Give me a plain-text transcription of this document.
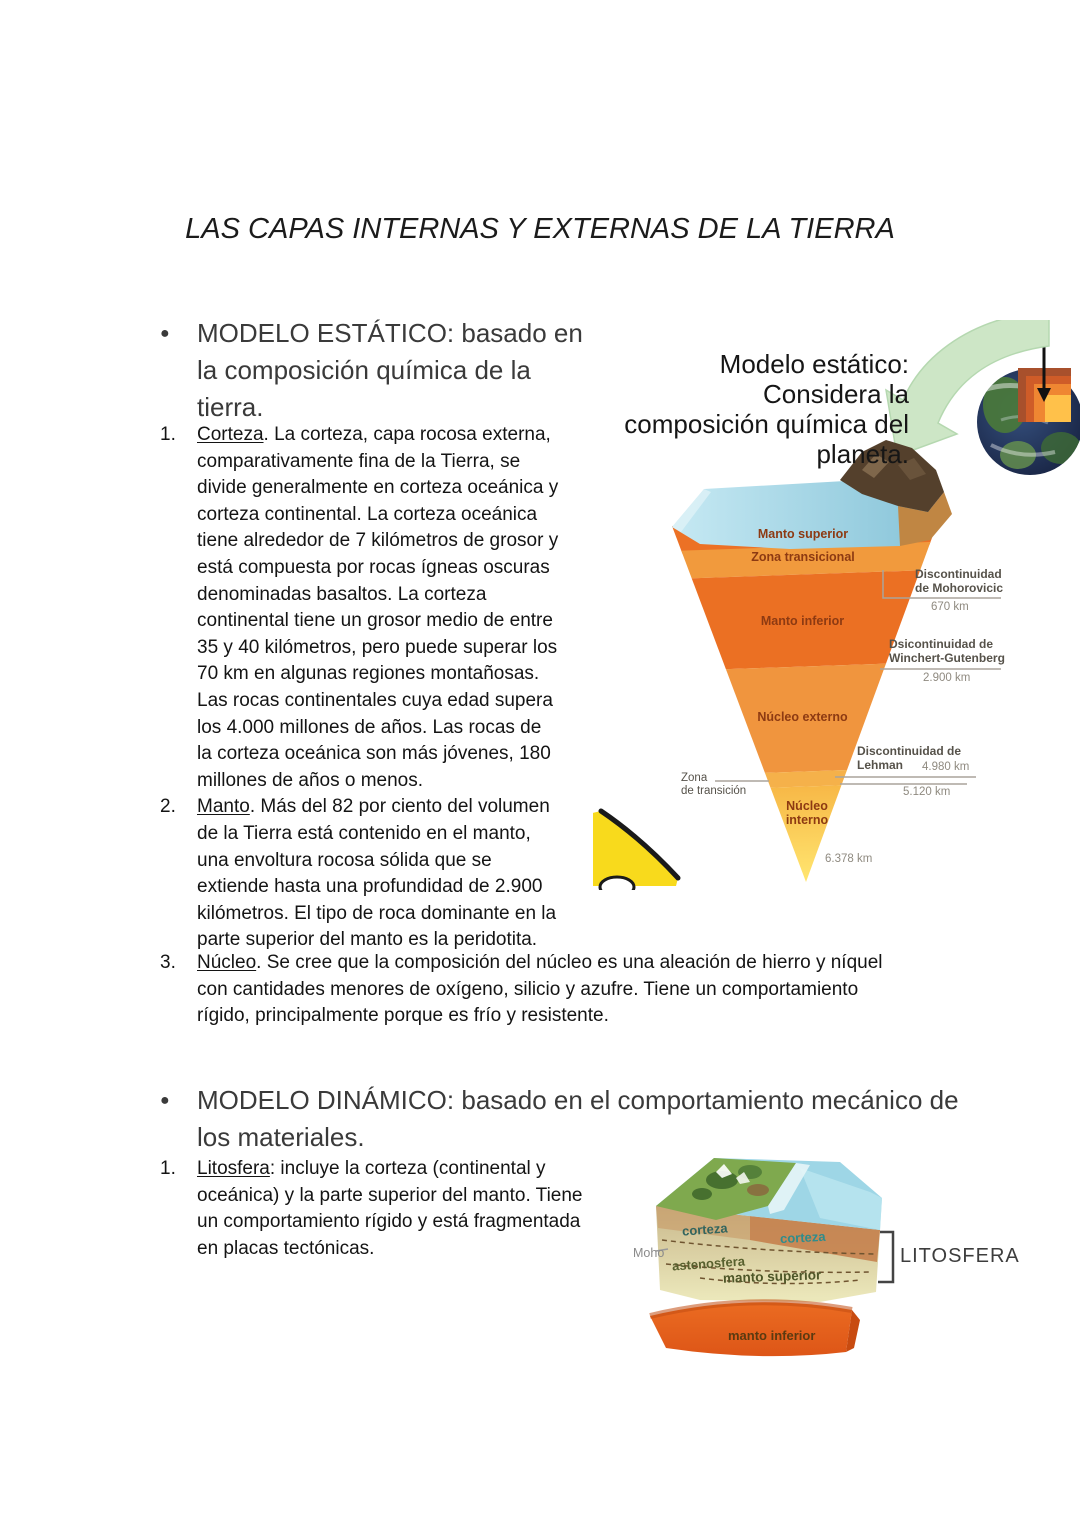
LAS CAPAS INTERNAS Y EXTERNAS DE LA TIERRA
●	MODELO ESTÁTICO: basado en
la composición química de la
tierra.
1.	Corteza. La corteza, capa rocosa externa,
comparativamente fina de la Tierra, se
divide generalmente en corteza oceánica y
corteza continental. La corteza oceánica
tiene alrededor de 7 kilómetros de grosor y
está compuesta por rocas ígneas oscuras
denominadas basaltos. La corteza
continental tiene un grosor medio de entre
35 y 40 kilómetros, pero puede superar los
70 km en algunas regiones montañosas.
Las rocas continentales cuya edad supera
los 4.000 millones de años. Las rocas de
la corteza oceánica son más jóvenes, 180
millones de años o menos.
2.	Manto. Más del 82 por ciento del volumen
de la Tierra está contenido en el manto,
una envoltura rocosa sólida que se
extiende hasta una profundidad de 2.900
kilómetros. El tipo de roca dominante en la
parte superior del manto es la peridotita.
3.	Núcleo. Se cree que la composición del núcleo es una aleación de hierro y níquel
con cantidades menores de oxígeno, silicio y azufre. Tiene un comportamiento
rígido, principalmente porque es frío y resistente.
●	MODELO DINÁMICO: basado en el comportamiento mecánico de
los materiales.
1.	Litosfera: incluye la corteza (continental y
oceánica) y la parte superior del manto. Tiene
un comportamiento rígido y está fragmentada
en placas tectónicas.
Modelo estático:
Considera la
composición química del
planeta.
Manto superior
Zona transicional
Manto inferior
Núcleo externo
Núcleo
interno
Zona
de transición
6.378 km
Discontinuidad
de Mohorovicic
670 km
Dsicontinuidad de
Winchert-Gutenberg
2.900 km
Discontinuidad de
Lehman	4.980 km
5.120 km
corteza	corteza
Moho
astenosfera
manto superior
manto inferior
LITOSFERA
